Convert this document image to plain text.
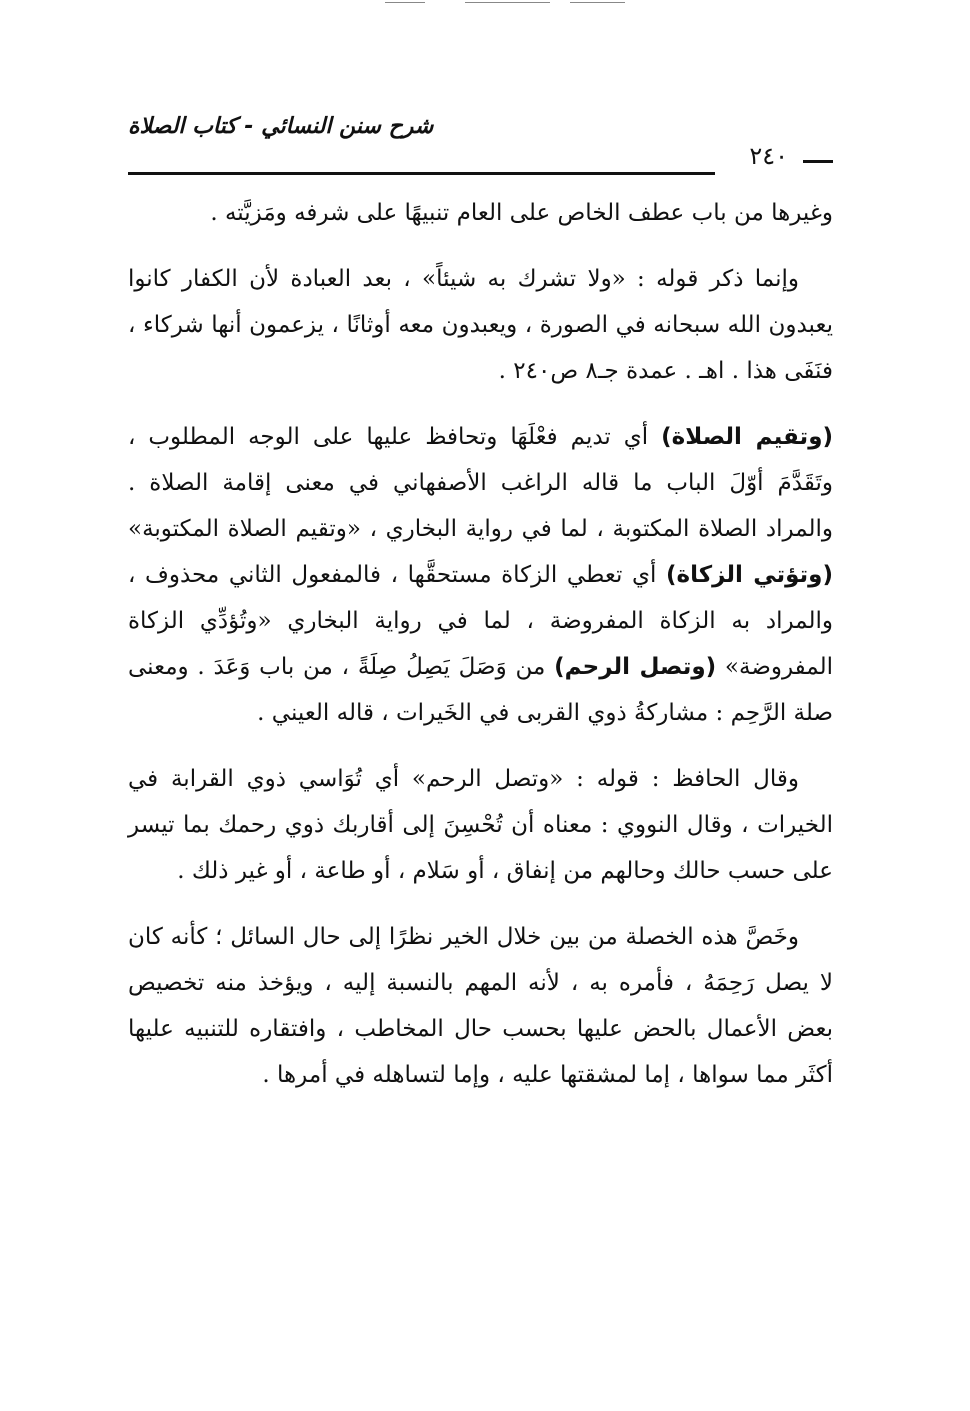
شرح سنن النسائي - كتاب الصلاة
٢٤٠

وغيرها من باب عطف الخاص على العام تنبيهًا على شرفه ومَزيَّته .

وإنما ذكر قوله : «ولا تشرك به شيئاً» ، بعد العبادة لأن الكفار كانوا يعبدون الله سبحانه في الصورة ، ويعبدون معه أوثانًا ، يزعمون أنها شركاء ، فنَفَى هذا . اهـ . عمدة جـ٨ ص٢٤٠ .

(وتقيم الصلاة) أي تديم فعْلَهَا وتحافظ عليها على الوجه المطلوب ، وتَقَدَّمَ أوّلَ الباب ما قاله الراغب الأصفهاني في معنى إقامة الصلاة . والمراد الصلاة المكتوبة ، لما في رواية البخاري ، «وتقيم الصلاة المكتوبة» (وتؤتي الزكاة) أي تعطي الزكاة مستحقَّها ، فالمفعول الثاني محذوف ، والمراد به الزكاة المفروضة ، لما في رواية البخاري «وتُؤدِّي الزكاة المفروضة» (وتصل الرحم) من وَصَلَ يَصِلُ صِلَةً ، من باب وَعَدَ . ومعنى صلة الرَّحِم : مشاركةُ ذوي القربى في الخَيرات ، قاله العيني .

وقال الحافظ : قوله : «وتصل الرحم» أي تُوَاسي ذوي القرابة في الخيرات ، وقال النووي : معناه أن تُحْسِنَ إلى أقاربك ذوي رحمك بما تيسر على حسب حالك وحالهم من إنفاق ، أو سَلام ، أو طاعة ، أو غير ذلك .

وخَصَّ هذه الخصلة من بين خلال الخير نظرًا إلى حال السائل ؛ كأنه كان لا يصل رَحِمَهُ ، فأمره به ، لأنه المهم بالنسبة إليه ، ويؤخذ منه تخصيص بعض الأعمال بالحض عليها بحسب حال المخاطب ، وافتقاره للتنبيه عليها أكثَر مما سواها ، إما لمشقتها عليه ، وإما لتساهله في أمرها .
